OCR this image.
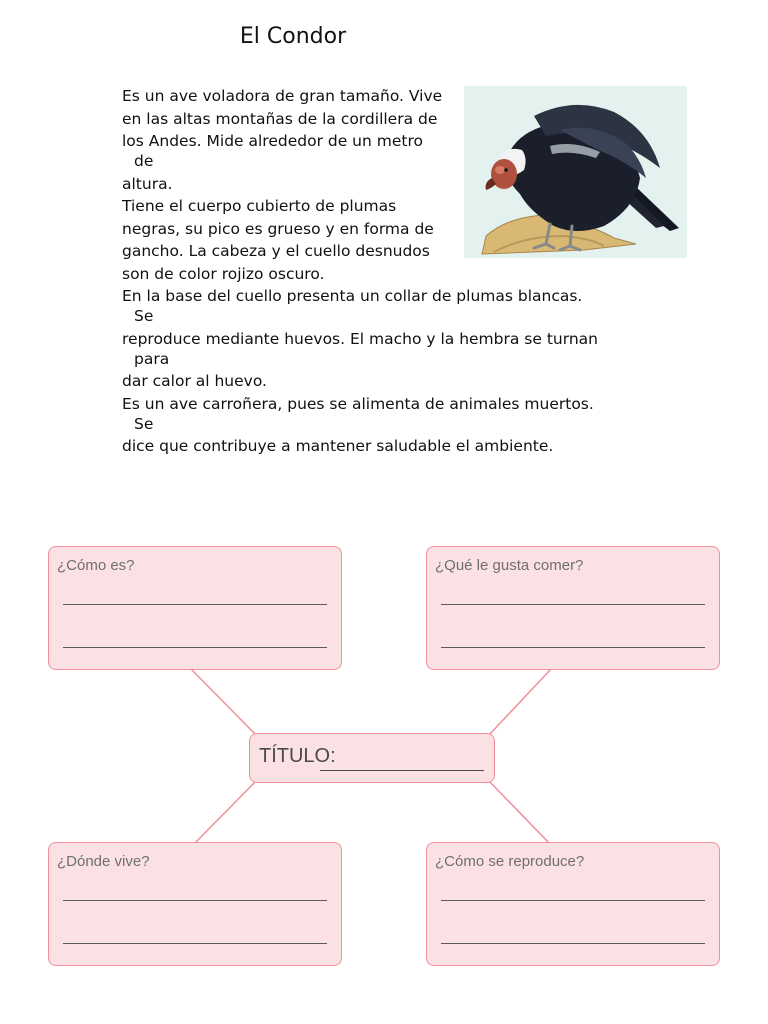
El Condor

Es un ave voladora de gran tamaño. Vive

en las altas montañas de la cordillera de

los Andes. Mide alrededor de un metro de

altura.

Tiene el cuerpo cubierto de plumas

negras, su pico es grueso y en forma de

gancho. La cabeza y el cuello desnudos

son de color rojizo oscuro.

En la base del cuello presenta un collar de plumas blancas. Se

reproduce mediante huevos. El macho y la hembra se turnan para

dar calor al huevo.

Es un ave carroñera, pues se alimenta de animales muertos. Se

dice que contribuye a mantener saludable el ambiente.

¿Cómo es?	¿Qué le gusta comer?
TÍTULO:
¿Dónde vive?	¿Cómo se reproduce?
